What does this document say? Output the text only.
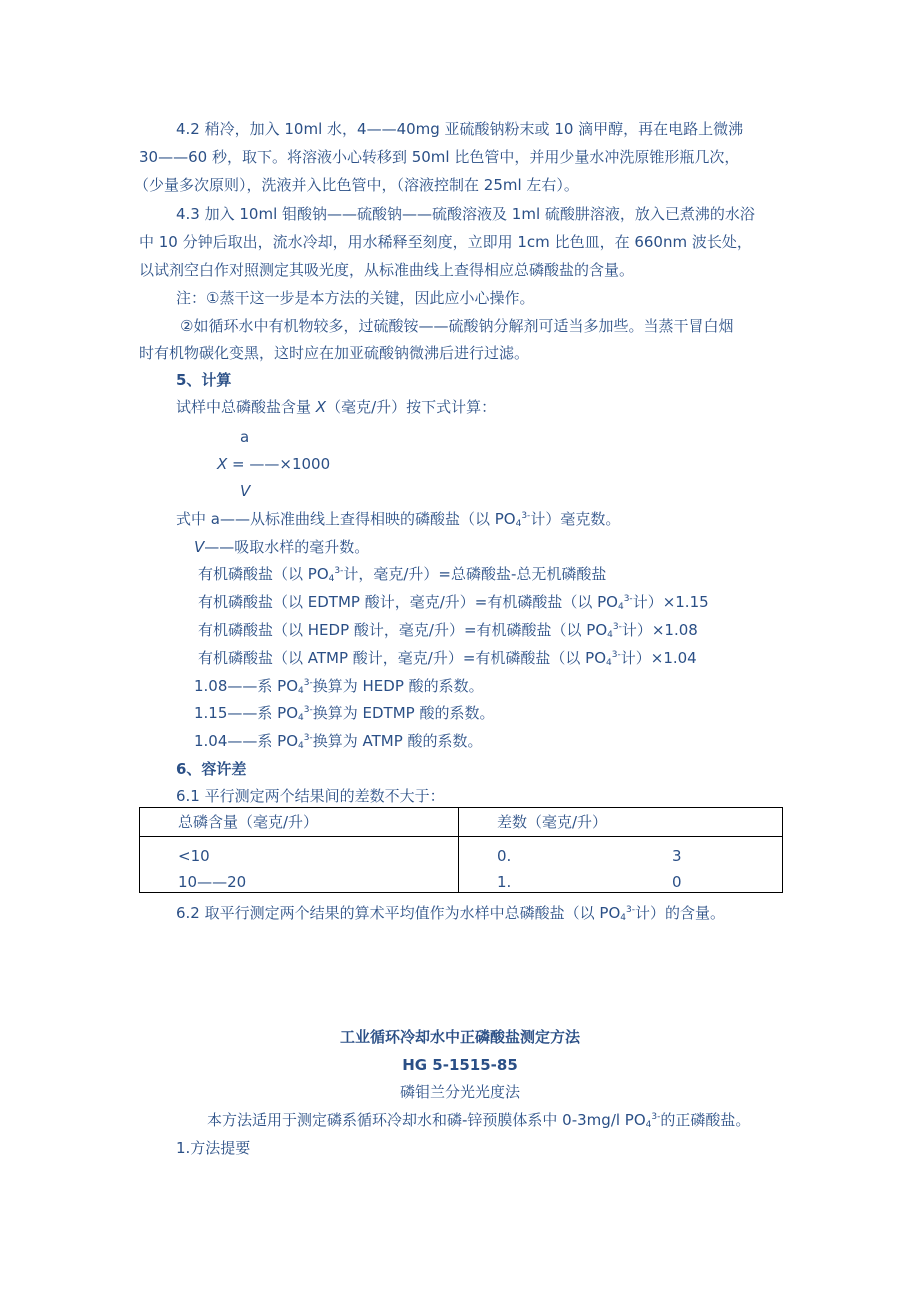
4.2 稍冷，加入 10ml 水，4——40mg 亚硫酸钠粉末或 10 滴甲醇，再在电路上微沸
30——60 秒，取下。将溶液小心转移到 50ml 比色管中，并用少量水冲洗原锥形瓶几次，
（少量多次原则），洗液并入比色管中，（溶液控制在 25ml 左右）。
4.3 加入 10ml 钼酸钠——硫酸钠——硫酸溶液及 1ml 硫酸肼溶液，放入已煮沸的水浴
中 10 分钟后取出，流水冷却，用水稀释至刻度，立即用 1cm 比色皿，在 660nm 波长处，
以试剂空白作对照测定其吸光度，从标准曲线上查得相应总磷酸盐的含量。
注：①蒸干这一步是本方法的关键，因此应小心操作。
②如循环水中有机物较多，过硫酸铵——硫酸钠分解剂可适当多加些。当蒸干冒白烟
时有机物碳化变黑，这时应在加亚硫酸钠微沸后进行过滤。
5、计算
试样中总磷酸盐含量 X（毫克/升）按下式计算：
a
X = ——×1000
V
式中 a——从标准曲线上查得相映的磷酸盐（以 $PO_4^{3-}$计）毫克数。
V——吸取水样的毫升数。
有机磷酸盐（以 $PO_4^{3-}$计，毫克/升）=总磷酸盐-总无机磷酸盐
有机磷酸盐（以 EDTMP 酸计，毫克/升）=有机磷酸盐（以 $PO_4^{3-}$计）×1.15
有机磷酸盐（以 HEDP 酸计，毫克/升）=有机磷酸盐（以 $PO_4^{3-}$计）×1.08
有机磷酸盐（以 ATMP 酸计，毫克/升）=有机磷酸盐（以 $PO_4^{3-}$计）×1.04
1.08——系 $PO_4^{3-}$换算为 HEDP 酸的系数。
1.15——系 $PO_4^{3-}$换算为 EDTMP 酸的系数。
1.04——系 $PO_4^{3-}$换算为 ATMP 酸的系数。
6、容许差
6.1 平行测定两个结果间的差数不大于：
总磷含量（毫克/升）	差数（毫克/升）
<10	0.	3
10——20	1.	0
6.2 取平行测定两个结果的算术平均值作为水样中总磷酸盐（以 $PO_4^{3-}$计）的含量。
工业循环冷却水中正磷酸盐测定方法
HG 5-1515-85
磷钼兰分光光度法
本方法适用于测定磷系循环冷却水和磷-锌预膜体系中 0-3mg/l $PO_4^{3-}$的正磷酸盐。
1.方法提要
